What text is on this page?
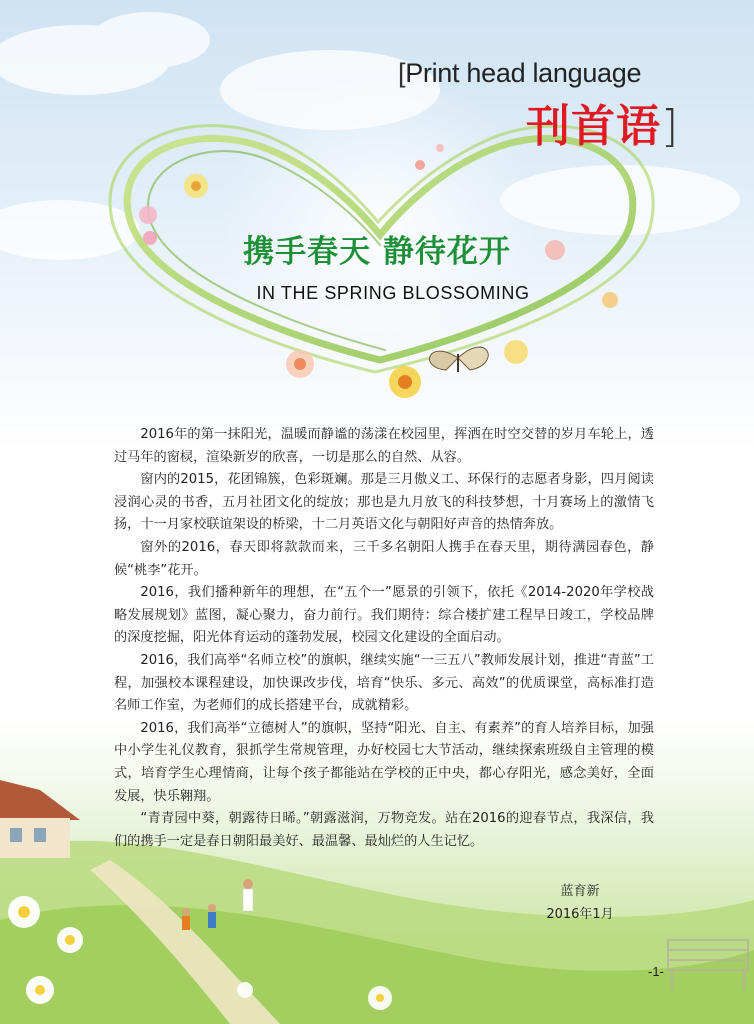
[Print head language
刊首语]
携手春天 静待花开
IN THE SPRING BLOSSOMING

2016年的第一抹阳光，温暖而静谧的荡漾在校园里，挥洒在时空交替的岁月车轮上，透过马年的窗棂，渲染新岁的欣喜，一切是那么的自然、从容。

窗内的2015，花团锦簇，色彩斑斓。那是三月傲义工、环保行的志愿者身影，四月阅读浸润心灵的书香，五月社团文化的绽放；那也是九月放飞的科技梦想，十月赛场上的激情飞扬，十一月家校联谊架设的桥梁，十二月英语文化与朝阳好声音的热情奔放。

窗外的2016，春天即将款款而来，三千多名朝阳人携手在春天里，期待满园春色，静候“桃李”花开。

2016，我们播种新年的理想，在“五个一”愿景的引领下，依托《2014-2020年学校战略发展规划》蓝图，凝心聚力，奋力前行。我们期待：综合楼扩建工程早日竣工，学校品牌的深度挖掘，阳光体育运动的蓬勃发展，校园文化建设的全面启动。

2016，我们高举“名师立校”的旗帜，继续实施“一三五八”教师发展计划，推进“青蓝”工程，加强校本课程建设，加快课改步伐，培育“快乐、多元、高效”的优质课堂，高标准打造名师工作室，为老师们的成长搭建平台，成就精彩。

2016，我们高举“立德树人”的旗帜，坚持“阳光、自主、有素养”的育人培养目标，加强中小学生礼仪教育，狠抓学生常规管理，办好校园七大节活动，继续探索班级自主管理的模式，培育学生心理情商，让每个孩子都能站在学校的正中央，都心存阳光，感念美好，全面发展，快乐翱翔。

“青青园中葵，朝露待日晞。”朝露滋润，万物竞发。站在2016的迎春节点，我深信，我们的携手一定是春日朝阳最美好、最温馨、最灿烂的人生记忆。

蓝育新
2016年1月
-1-
